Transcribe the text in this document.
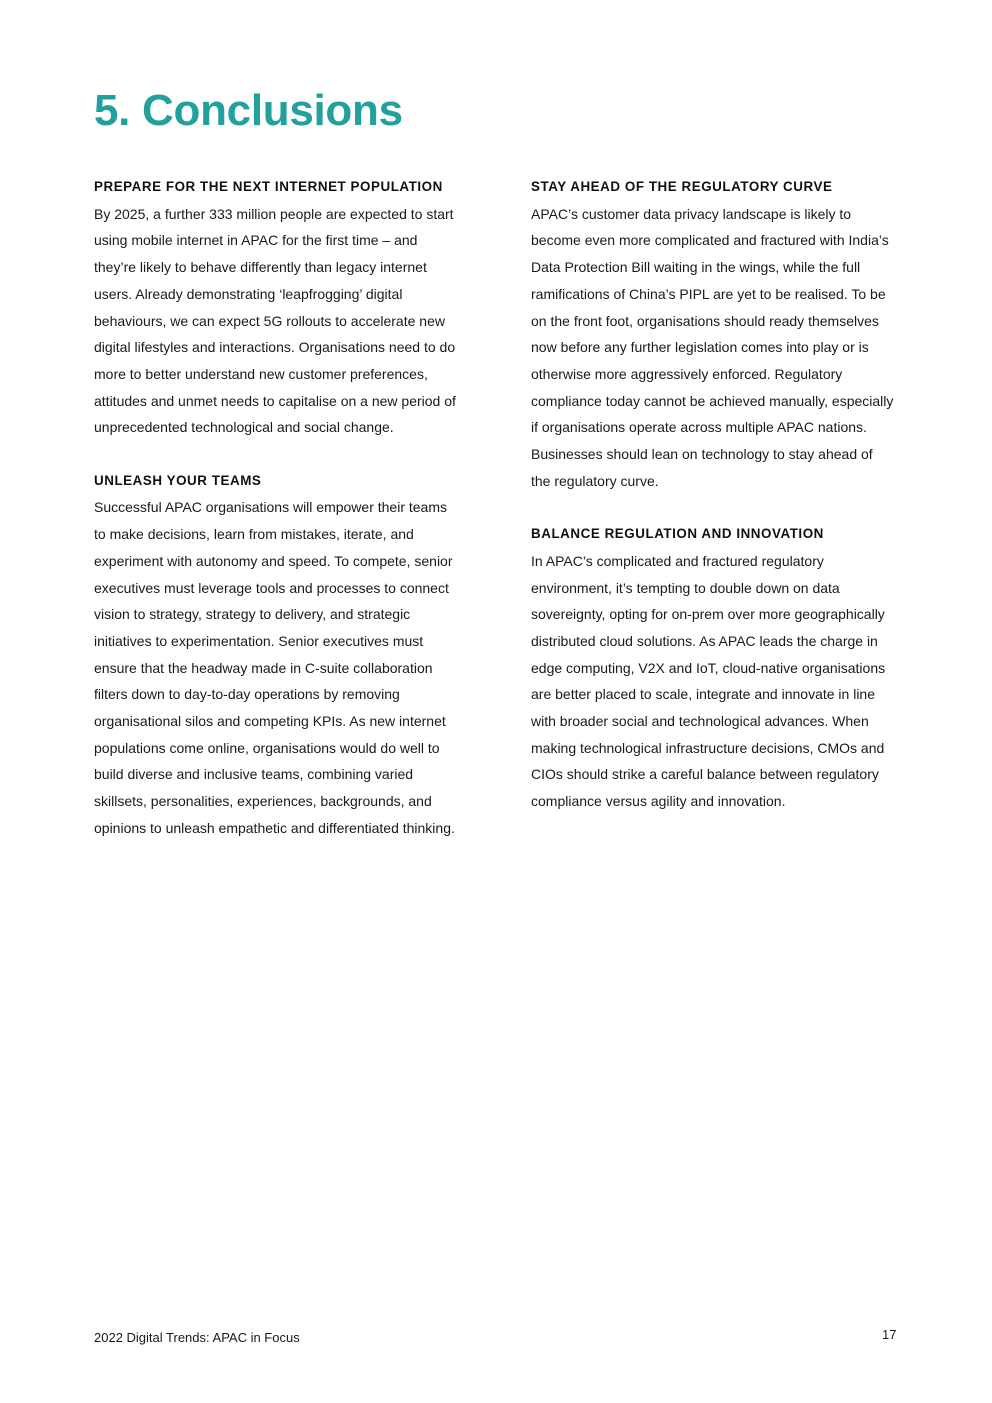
5. Conclusions
PREPARE FOR THE NEXT INTERNET POPULATION

By 2025, a further 333 million people are expected to start using mobile internet in APAC for the first time – and they’re likely to behave differently than legacy internet users. Already demonstrating ‘leapfrogging’ digital behaviours, we can expect 5G rollouts to accelerate new digital lifestyles and interactions. Organisations need to do more to better understand new customer preferences, attitudes and unmet needs to capitalise on a new period of unprecedented technological and social change.

UNLEASH YOUR TEAMS

Successful APAC organisations will empower their teams to make decisions, learn from mistakes, iterate, and experiment with autonomy and speed. To compete, senior executives must leverage tools and processes to connect vision to strategy, strategy to delivery, and strategic initiatives to experimentation. Senior executives must ensure that the headway made in C-suite collaboration filters down to day-to-day operations by removing organisational silos and competing KPIs. As new internet populations come online, organisations would do well to build diverse and inclusive teams, combining varied skillsets, personalities, experiences, backgrounds, and opinions to unleash empathetic and differentiated thinking.

STAY AHEAD OF THE REGULATORY CURVE

APAC’s customer data privacy landscape is likely to become even more complicated and fractured with India’s Data Protection Bill waiting in the wings, while the full ramifications of China’s PIPL are yet to be realised. To be on the front foot, organisations should ready themselves now before any further legislation comes into play or is otherwise more aggressively enforced. Regulatory compliance today cannot be achieved manually, especially if organisations operate across multiple APAC nations. Businesses should lean on technology to stay ahead of the regulatory curve.

BALANCE REGULATION AND INNOVATION

In APAC’s complicated and fractured regulatory environment, it’s tempting to double down on data sovereignty, opting for on-prem over more geographically distributed cloud solutions. As APAC leads the charge in edge computing, V2X and IoT, cloud-native organisations are better placed to scale, integrate and innovate in line with broader social and technological advances. When making technological infrastructure decisions, CMOs and CIOs should strike a careful balance between regulatory compliance versus agility and innovation.

2022 Digital Trends: APAC in Focus	17
